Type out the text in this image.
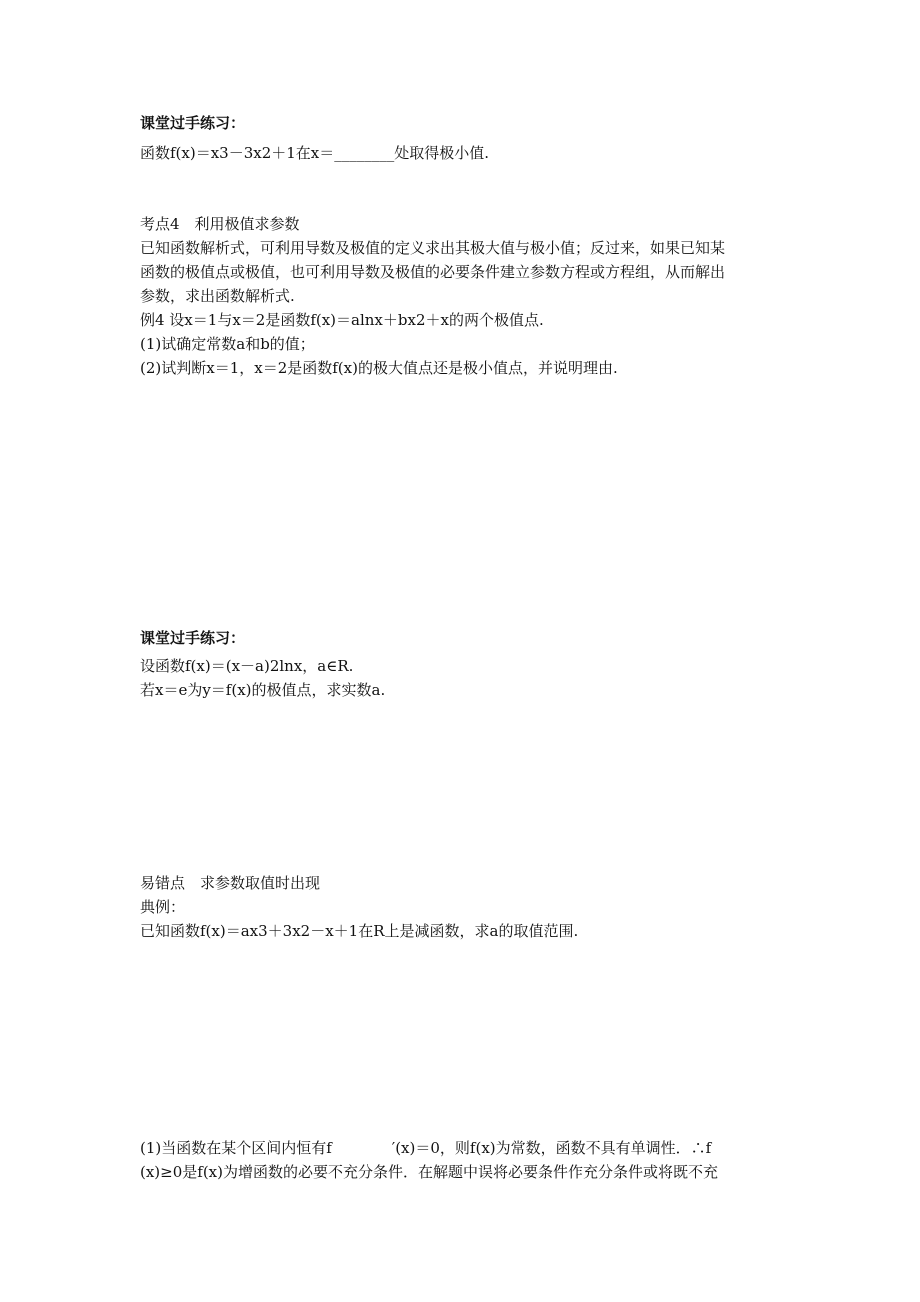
课堂过手练习：
函数f(x)＝x3－3x2＋1在x＝________处取得极小值.
考点4　利用极值求参数
已知函数解析式，可利用导数及极值的定义求出其极大值与极小值；反过来，如果已知某
函数的极值点或极值，也可利用导数及极值的必要条件建立参数方程或方程组，从而解出
参数，求出函数解析式.
例4 设x＝1与x＝2是函数f(x)＝alnx＋bx2＋x的两个极值点.
(1)试确定常数a和b的值；
(2)试判断x＝1，x＝2是函数f(x)的极大值点还是极小值点，并说明理由.
课堂过手练习：
设函数f(x)＝(x－a)2lnx，a∈R.
若x＝e为y＝f(x)的极值点，求实数a.
易错点　求参数取值时出现
典例：
已知函数f(x)＝ax3＋3x2－x＋1在R上是减函数，求a的取值范围.
(1)当函数在某个区间内恒有f　　　　′(x)＝0，则f(x)为常数，函数不具有单调性．∴f
(x)≥0是f(x)为增函数的必要不充分条件．在解题中误将必要条件作充分条件或将既不充
